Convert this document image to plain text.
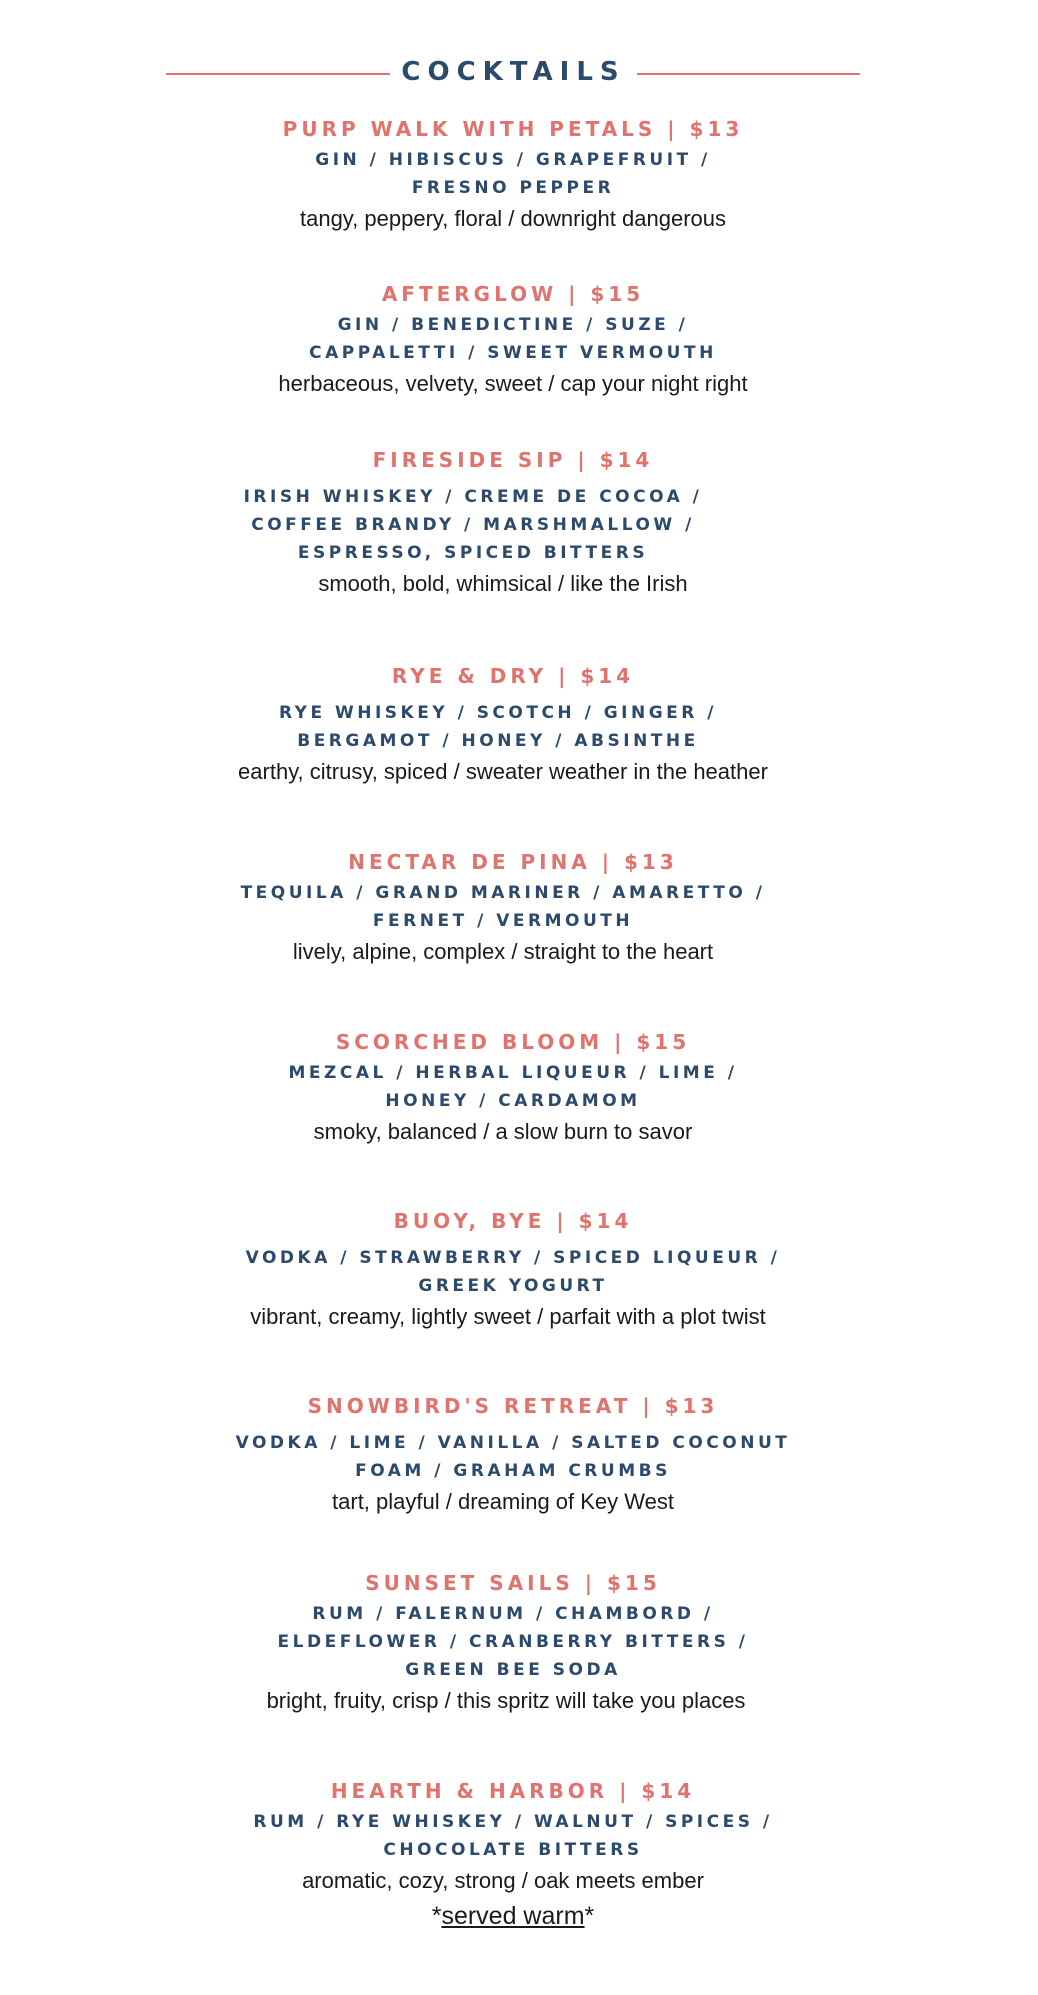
COCKTAILS
PURP WALK WITH PETALS | $13
GIN / HIBISCUS / GRAPEFRUIT /
FRESNO PEPPER
tangy, peppery, floral / downright dangerous
AFTERGLOW | $15
GIN / BENEDICTINE / SUZE /
CAPPALETTI / SWEET VERMOUTH
herbaceous, velvety, sweet / cap your night right
FIRESIDE SIP | $14
IRISH WHISKEY / CREME DE COCOA /
COFFEE BRANDY / MARSHMALLOW /
ESPRESSO, SPICED BITTERS
smooth, bold, whimsical / like the Irish
RYE & DRY | $14
RYE WHISKEY / SCOTCH / GINGER /
BERGAMOT / HONEY / ABSINTHE
earthy, citrusy, spiced / sweater weather in the heather
NECTAR DE PINA | $13
TEQUILA / GRAND MARINER / AMARETTO /
FERNET / VERMOUTH
lively, alpine, complex / straight to the heart
SCORCHED BLOOM | $15
MEZCAL / HERBAL LIQUEUR / LIME /
HONEY / CARDAMOM
smoky, balanced / a slow burn to savor
BUOY, BYE | $14
VODKA / STRAWBERRY / SPICED LIQUEUR /
GREEK YOGURT
vibrant, creamy, lightly sweet / parfait with a plot twist
SNOWBIRD'S RETREAT | $13
VODKA / LIME / VANILLA / SALTED COCONUT
FOAM / GRAHAM CRUMBS
tart, playful / dreaming of Key West
SUNSET SAILS | $15
RUM / FALERNUM / CHAMBORD /
ELDEFLOWER / CRANBERRY BITTERS /
GREEN BEE SODA
bright, fruity, crisp / this spritz will take you places
HEARTH & HARBOR | $14
RUM / RYE WHISKEY / WALNUT / SPICES /
CHOCOLATE BITTERS
aromatic, cozy, strong / oak meets ember
*served warm*
